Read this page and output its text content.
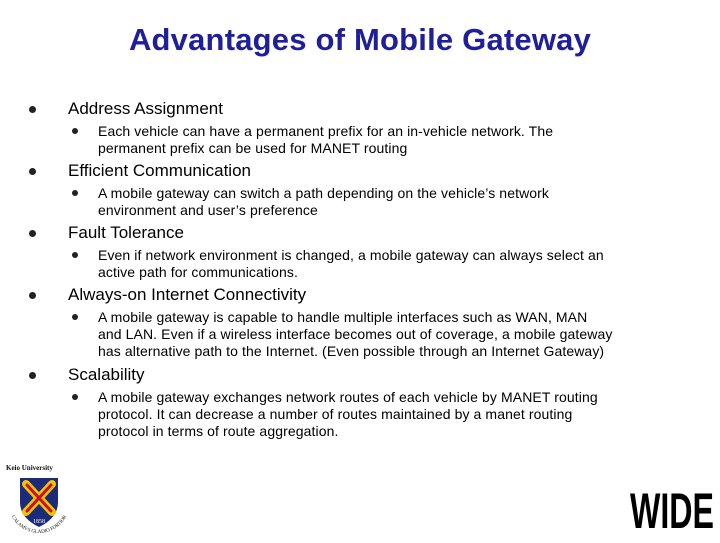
Advantages of Mobile Gateway
Address Assignment
Each vehicle can have a permanent prefix for an in-vehicle network. The
permanent prefix can be used for MANET routing
Efficient Communication
A mobile gateway can switch a path depending on the vehicle’s network
environment and user’s preference
Fault Tolerance
Even if network environment is changed, a mobile gateway can always select an
active path for communications.
Always-on Internet Connectivity
A mobile gateway is capable to handle multiple interfaces such as WAN, MAN
and LAN. Even if a wireless interface becomes out of coverage, a mobile gateway
has alternative path to the Internet. (Even possible through an Internet Gateway)
Scalability
A mobile gateway exchanges network routes of each vehicle by MANET routing
protocol. It can decrease a number of routes maintained by a manet routing
protocol in terms of route aggregation.
Keio University
1858
CALAMVS GLADIO FORTIOR	WIDE
